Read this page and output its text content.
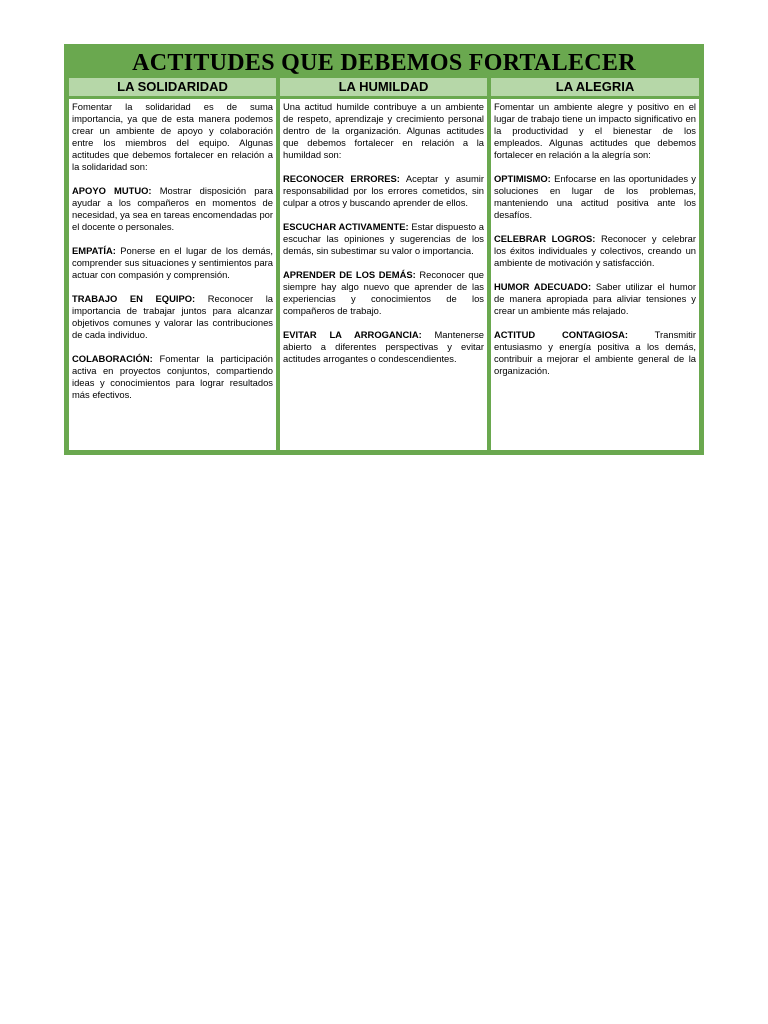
ACTITUDES QUE DEBEMOS FORTALECER
LA SOLIDARIDAD	LA HUMILDAD	LA ALEGRIA

Fomentar la solidaridad es de suma importancia, ya que de esta manera podemos crear un ambiente de apoyo y colaboración entre los miembros del equipo. Algunas actitudes que debemos fortalecer en relación a la solidaridad son:

APOYO MUTUO: Mostrar disposición para ayudar a los compañeros en momentos de necesidad, ya sea en tareas encomendadas por el docente o personales.

EMPATÍA: Ponerse en el lugar de los demás, comprender sus situaciones y sentimientos para actuar con compasión y comprensión.

TRABAJO EN EQUIPO: Reconocer la importancia de trabajar juntos para alcanzar objetivos comunes y valorar las contribuciones de cada individuo.

COLABORACIÓN: Fomentar la participación activa en proyectos conjuntos, compartiendo ideas y conocimientos para lograr resultados más efectivos.

Una actitud humilde contribuye a un ambiente de respeto, aprendizaje y crecimiento personal dentro de la organización. Algunas actitudes que debemos fortalecer en relación a la humildad son:

RECONOCER ERRORES: Aceptar y asumir responsabilidad por los errores cometidos, sin culpar a otros y buscando aprender de ellos.

ESCUCHAR ACTIVAMENTE: Estar dispuesto a escuchar las opiniones y sugerencias de los demás, sin subestimar su valor o importancia.

APRENDER DE LOS DEMÁS: Reconocer que siempre hay algo nuevo que aprender de las experiencias y conocimientos de los compañeros de trabajo.

EVITAR LA ARROGANCIA: Mantenerse abierto a diferentes perspectivas y evitar actitudes arrogantes o condescendientes.

Fomentar un ambiente alegre y positivo en el lugar de trabajo tiene un impacto significativo en la productividad y el bienestar de los empleados. Algunas actitudes que debemos fortalecer en relación a la alegría son:

OPTIMISMO: Enfocarse en las oportunidades y soluciones en lugar de los problemas, manteniendo una actitud positiva ante los desafíos.

CELEBRAR LOGROS: Reconocer y celebrar los éxitos individuales y colectivos, creando un ambiente de motivación y satisfacción.

HUMOR ADECUADO: Saber utilizar el humor de manera apropiada para aliviar tensiones y crear un ambiente más relajado.

ACTITUD CONTAGIOSA: Transmitir entusiasmo y energía positiva a los demás, contribuir a mejorar el ambiente general de la organización.
